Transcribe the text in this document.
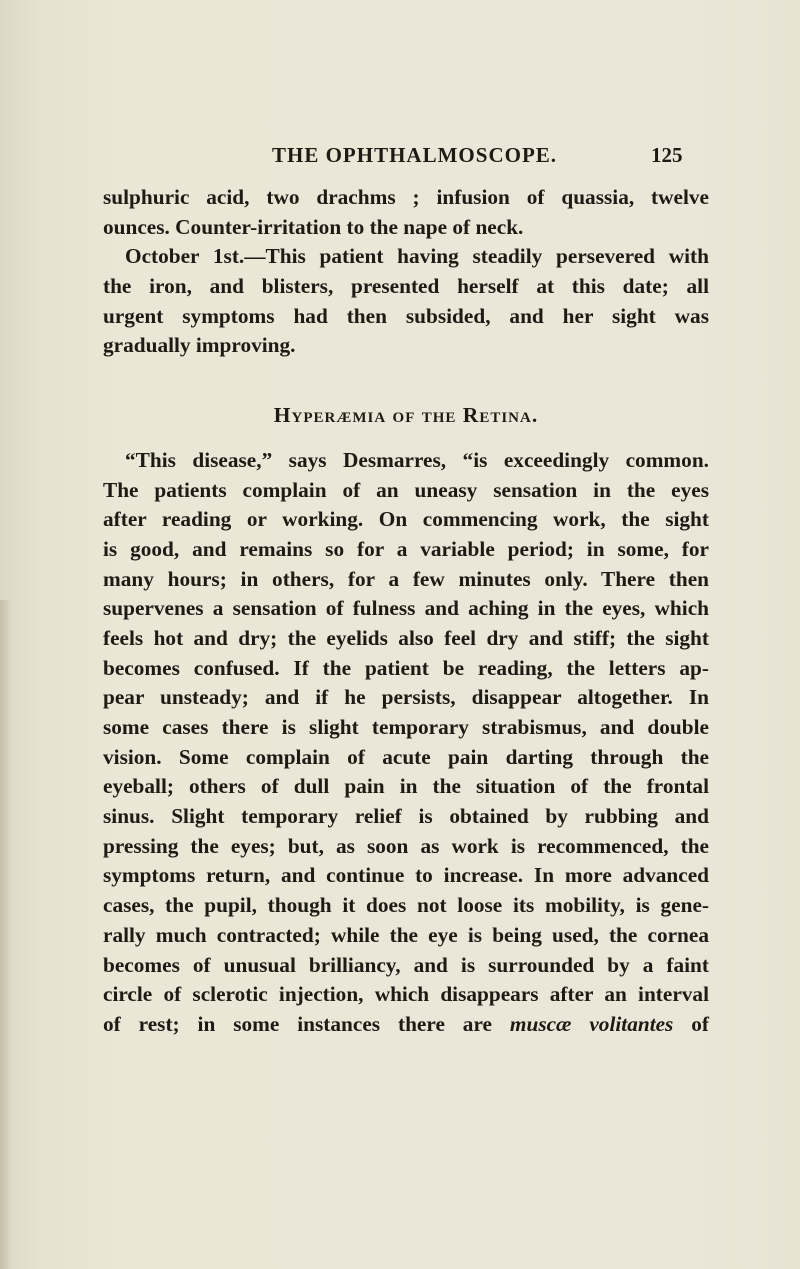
THE OPHTHALMOSCOPE.	125
sulphuric acid, two drachms ; infusion of quassia, twelve
ounces. Counter-irritation to the nape of neck.
October 1st.—This patient having steadily persevered with
the iron, and blisters, presented herself at this date; all
urgent symptoms had then subsided, and her sight was
gradually improving.
Hyperæmia of the Retina.
“This disease,” says Desmarres, “is exceedingly common.
The patients complain of an uneasy sensation in the eyes
after reading or working. On commencing work, the sight
is good, and remains so for a variable period; in some, for
many hours; in others, for a few minutes only. There then
supervenes a sensation of fulness and aching in the eyes, which
feels hot and dry; the eyelids also feel dry and stiff; the sight
becomes confused. If the patient be reading, the letters ap-
pear unsteady; and if he persists, disappear altogether. In
some cases there is slight temporary strabismus, and double
vision. Some complain of acute pain darting through the
eyeball; others of dull pain in the situation of the frontal
sinus. Slight temporary relief is obtained by rubbing and
pressing the eyes; but, as soon as work is recommenced, the
symptoms return, and continue to increase. In more advanced
cases, the pupil, though it does not loose its mobility, is gene-
rally much contracted; while the eye is being used, the cornea
becomes of unusual brilliancy, and is surrounded by a faint
circle of sclerotic injection, which disappears after an interval
of rest; in some instances there are muscæ volitantes of
